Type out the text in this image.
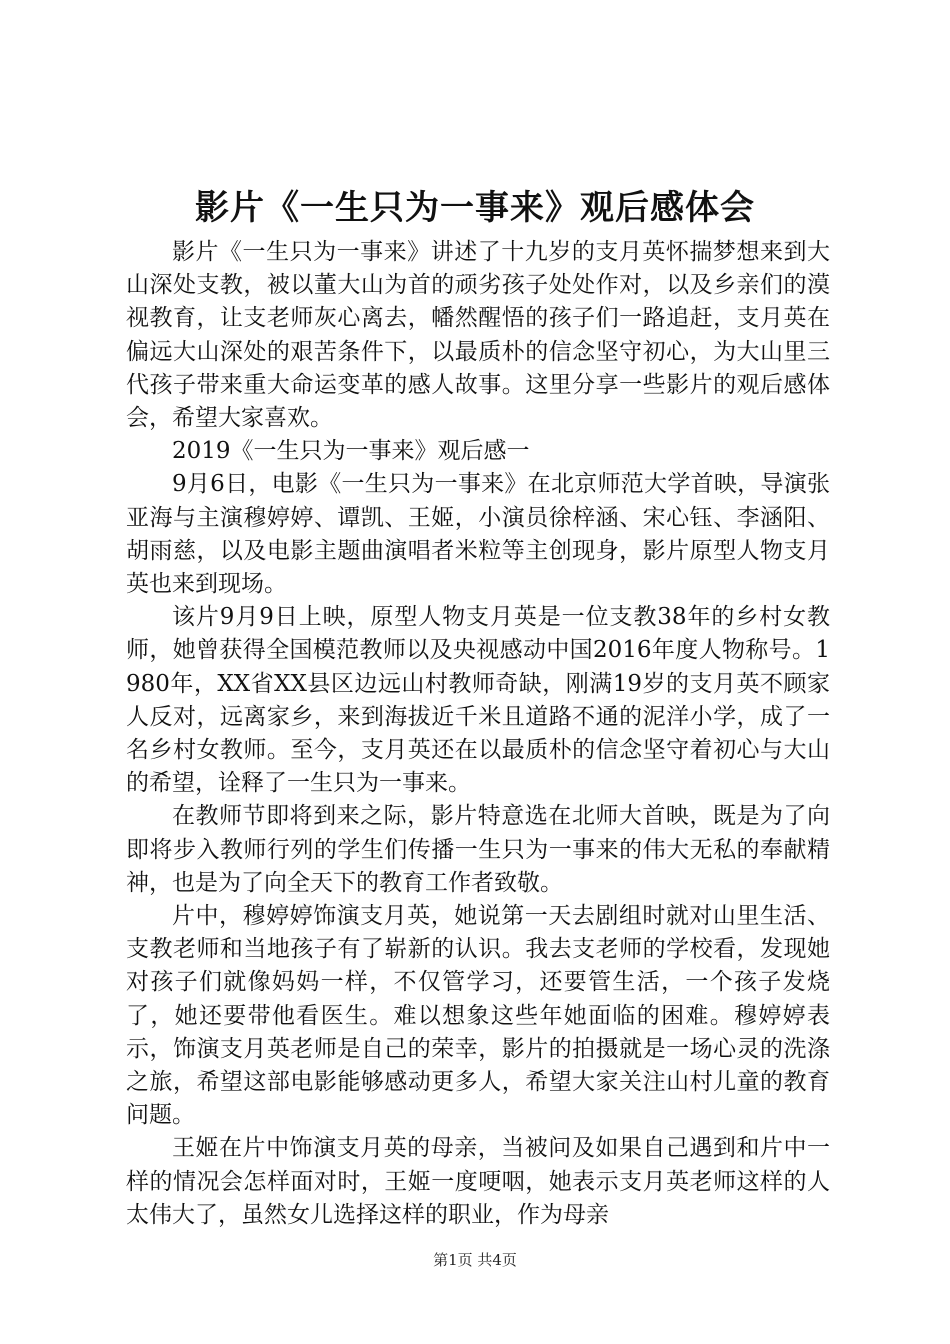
影片《一生只为一事来》观后感体会

影片《一生只为一事来》讲述了十九岁的支月英怀揣梦想来到大山深处支教，被以董大山为首的顽劣孩子处处作对，以及乡亲们的漠视教育，让支老师灰心离去，幡然醒悟的孩子们一路追赶，支月英在偏远大山深处的艰苦条件下，以最质朴的信念坚守初心，为大山里三代孩子带来重大命运变革的感人故事。这里分享一些影片的观后感体会，希望大家喜欢。

2019《一生只为一事来》观后感一

9月6日，电影《一生只为一事来》在北京师范大学首映，导演张亚海与主演穆婷婷、谭凯、王姬，小演员徐梓涵、宋心钰、李涵阳、胡雨慈，以及电影主题曲演唱者米粒等主创现身，影片原型人物支月英也来到现场。

该片9月9日上映，原型人物支月英是一位支教38年的乡村女教师，她曾获得全国模范教师以及央视感动中国2016年度人物称号。1980年，XX省XX县区边远山村教师奇缺，刚满19岁的支月英不顾家人反对，远离家乡，来到海拔近千米且道路不通的泥洋小学，成了一名乡村女教师。至今，支月英还在以最质朴的信念坚守着初心与大山的希望，诠释了一生只为一事来。

在教师节即将到来之际，影片特意选在北师大首映，既是为了向即将步入教师行列的学生们传播一生只为一事来的伟大无私的奉献精神，也是为了向全天下的教育工作者致敬。

片中，穆婷婷饰演支月英，她说第一天去剧组时就对山里生活、支教老师和当地孩子有了崭新的认识。我去支老师的学校看，发现她对孩子们就像妈妈一样，不仅管学习，还要管生活，一个孩子发烧了，她还要带他看医生。难以想象这些年她面临的困难。穆婷婷表示，饰演支月英老师是自己的荣幸，影片的拍摄就是一场心灵的洗涤之旅，希望这部电影能够感动更多人，希望大家关注山村儿童的教育问题。

王姬在片中饰演支月英的母亲，当被问及如果自己遇到和片中一样的情况会怎样面对时，王姬一度哽咽，她表示支月英老师这样的人太伟大了，虽然女儿选择这样的职业，作为母亲

第1页 共4页
